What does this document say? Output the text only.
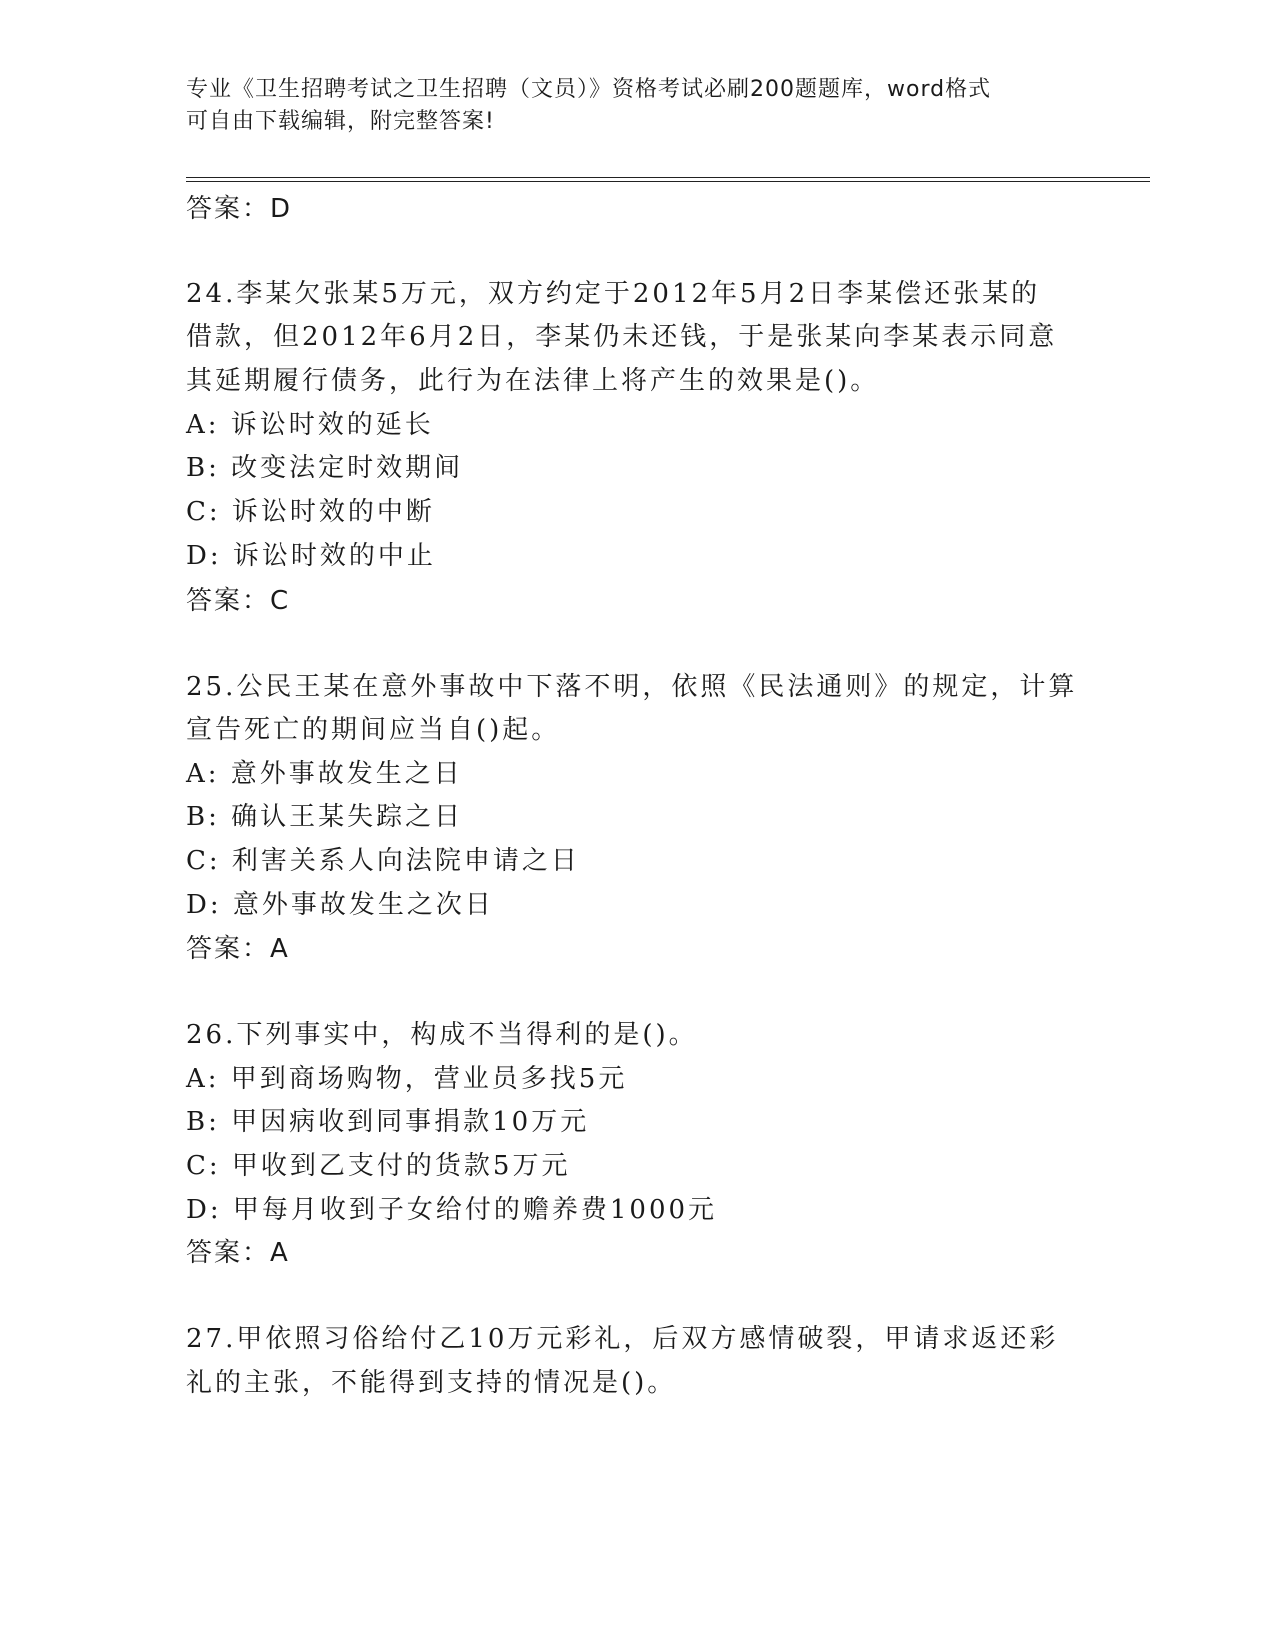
专业《卫生招聘考试之卫生招聘（文员）》资格考试必刷200题题库，word格式
可自由下载编辑，附完整答案!
答案：D
24.李某欠张某5万元，双方约定于2012年5月2日李某偿还张某的
借款，但2012年6月2日，李某仍未还钱，于是张某向李某表示同意
其延期履行债务，此行为在法律上将产生的效果是()。
A: 诉讼时效的延长
B: 改变法定时效期间
C: 诉讼时效的中断
D: 诉讼时效的中止
答案：C
25.公民王某在意外事故中下落不明，依照《民法通则》的规定，计算
宣告死亡的期间应当自()起。
A: 意外事故发生之日
B: 确认王某失踪之日
C: 利害关系人向法院申请之日
D: 意外事故发生之次日
答案：A
26.下列事实中，构成不当得利的是()。
A: 甲到商场购物，营业员多找5元
B: 甲因病收到同事捐款10万元
C: 甲收到乙支付的货款5万元
D: 甲每月收到子女给付的赡养费1000元
答案：A
27.甲依照习俗给付乙10万元彩礼，后双方感情破裂，甲请求返还彩
礼的主张，不能得到支持的情况是()。
